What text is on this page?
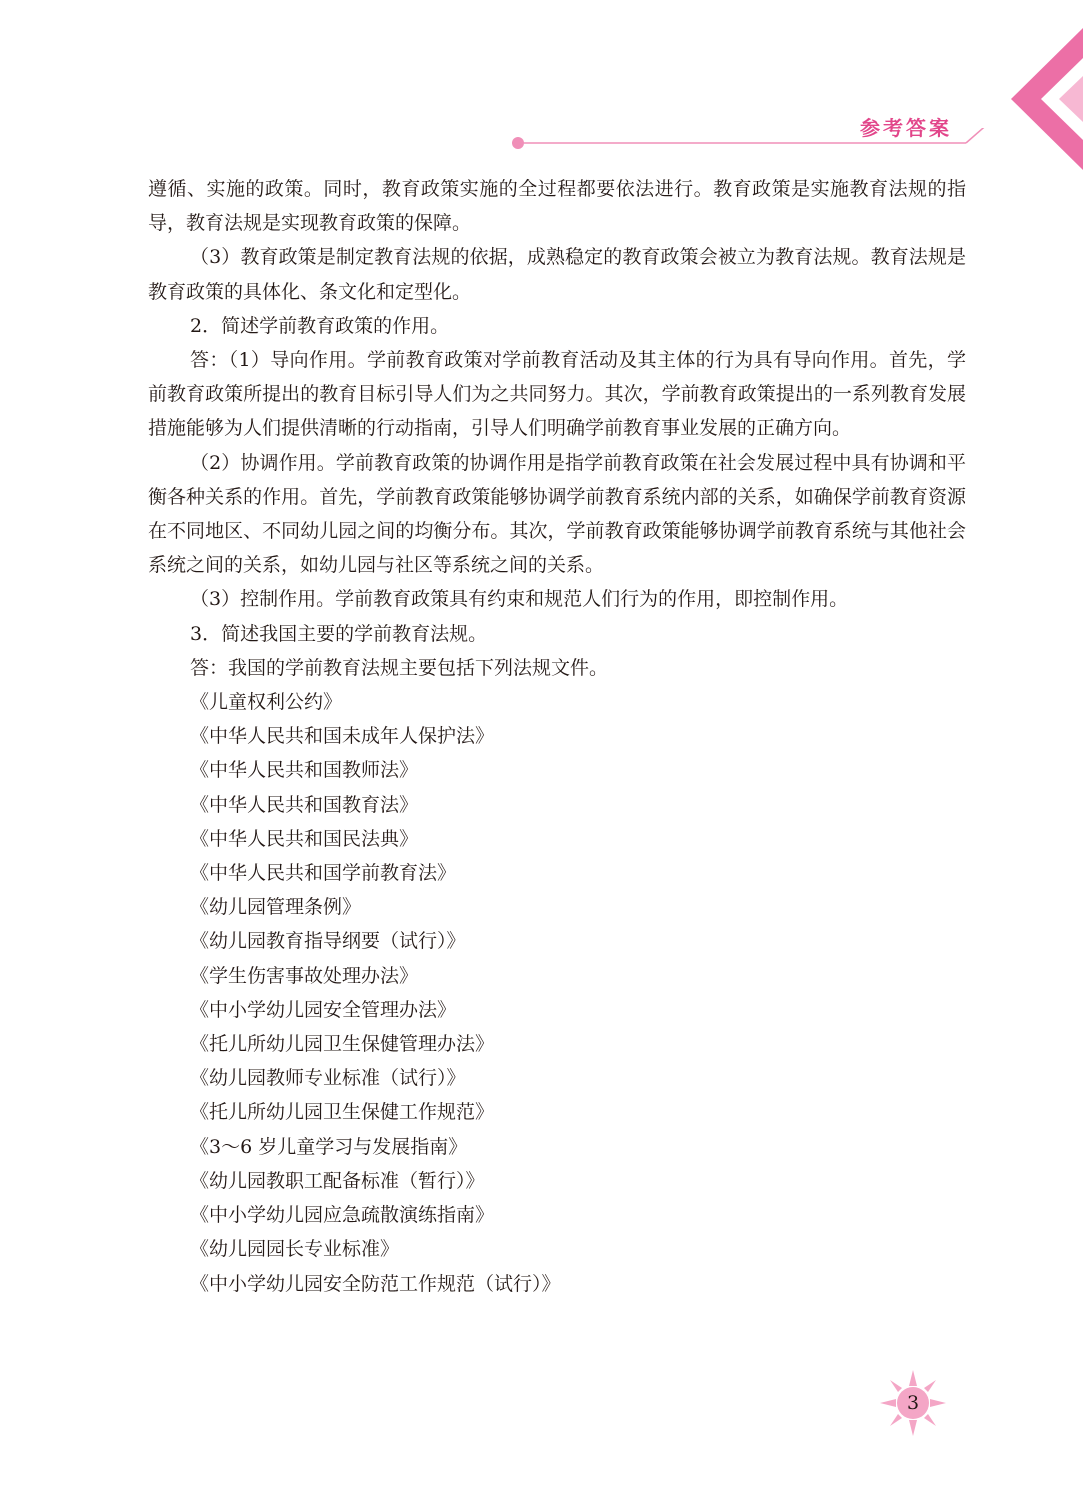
参考答案

遵循、实施的政策。同时，教育政策实施的全过程都要依法进行。教育政策是实施教育法规的指导，教育法规是实现教育政策的保障。

（3）教育政策是制定教育法规的依据，成熟稳定的教育政策会被立为教育法规。教育法规是教育政策的具体化、条文化和定型化。

2．简述学前教育政策的作用。

答：（1）导向作用。学前教育政策对学前教育活动及其主体的行为具有导向作用。首先，学前教育政策所提出的教育目标引导人们为之共同努力。其次，学前教育政策提出的一系列教育发展措施能够为人们提供清晰的行动指南，引导人们明确学前教育事业发展的正确方向。

（2）协调作用。学前教育政策的协调作用是指学前教育政策在社会发展过程中具有协调和平衡各种关系的作用。首先，学前教育政策能够协调学前教育系统内部的关系，如确保学前教育资源在不同地区、不同幼儿园之间的均衡分布。其次，学前教育政策能够协调学前教育系统与其他社会系统之间的关系，如幼儿园与社区等系统之间的关系。

（3）控制作用。学前教育政策具有约束和规范人们行为的作用，即控制作用。

3．简述我国主要的学前教育法规。

答：我国的学前教育法规主要包括下列法规文件。

《儿童权利公约》

《中华人民共和国未成年人保护法》

《中华人民共和国教师法》

《中华人民共和国教育法》

《中华人民共和国民法典》

《中华人民共和国学前教育法》

《幼儿园管理条例》

《幼儿园教育指导纲要（试行）》

《学生伤害事故处理办法》

《中小学幼儿园安全管理办法》

《托儿所幼儿园卫生保健管理办法》

《幼儿园教师专业标准（试行）》

《托儿所幼儿园卫生保健工作规范》

《3～6 岁儿童学习与发展指南》

《幼儿园教职工配备标准（暂行）》

《中小学幼儿园应急疏散演练指南》

《幼儿园园长专业标准》

《中小学幼儿园安全防范工作规范（试行）》

3
